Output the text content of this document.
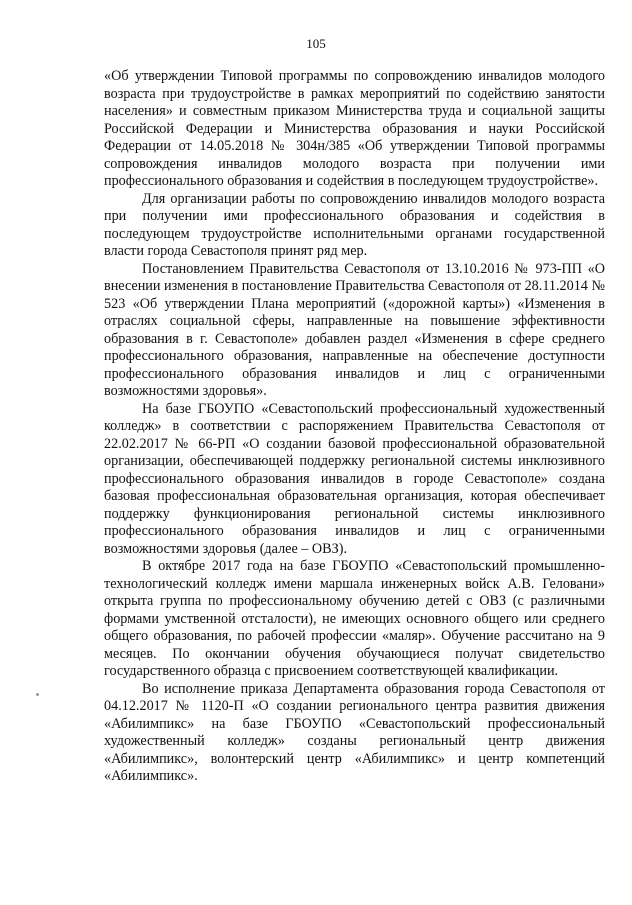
105

«Об утверждении Типовой программы по сопровождению инвалидов молодого возраста при трудоустройстве в рамках мероприятий по содействию занятости населения» и совместным приказом Министерства труда и социальной защиты Российской Федерации и Министерства образования и науки Российской Федерации от 14.05.2018 № 304н/385 «Об утверждении Типовой программы сопровождения инвалидов молодого возраста при получении ими профессионального образования и содействия в последующем трудоустройстве».

Для организации работы по сопровождению инвалидов молодого возраста при получении ими профессионального образования и содействия в последующем трудоустройстве исполнительными органами государственной власти города Севастополя принят ряд мер.

Постановлением Правительства Севастополя от 13.10.2016 № 973-ПП «О внесении изменения в постановление Правительства Севастополя от 28.11.2014 № 523 «Об утверждении Плана мероприятий («дорожной карты») «Изменения в отраслях социальной сферы, направленные на повышение эффективности образования в г. Севастополе» добавлен раздел «Изменения в сфере среднего профессионального образования, направленные на обеспечение доступности профессионального образования инвалидов и лиц с ограниченными возможностями здоровья».

На базе ГБОУПО «Севастопольский профессиональный художественный колледж» в соответствии с распоряжением Правительства Севастополя от 22.02.2017 № 66-РП «О создании базовой профессиональной образовательной организации, обеспечивающей поддержку региональной системы инклюзивного профессионального образования инвалидов в городе Севастополе» создана базовая профессиональная образовательная организация, которая обеспечивает поддержку функционирования региональной системы инклюзивного профессионального образования инвалидов и лиц с ограниченными возможностями здоровья (далее – ОВЗ).

В октябре 2017 года на базе ГБОУПО «Севастопольский промышленно-технологический колледж имени маршала инженерных войск А.В. Геловани» открыта группа по профессиональному обучению детей с ОВЗ (с различными формами умственной отсталости), не имеющих основного общего или среднего общего образования, по рабочей профессии «маляр». Обучение рассчитано на 9 месяцев. По окончании обучения обучающиеся получат свидетельство государственного образца с присвоением соответствующей квалификации.

Во исполнение приказа Департамента образования города Севастополя от 04.12.2017 № 1120-П «О создании регионального центра развития движения «Абилимпикс» на базе ГБОУПО «Севастопольский профессиональный художественный колледж» созданы региональный центр движения «Абилимпикс», волонтерский центр «Абилимпикс» и центр компетенций «Абилимпикс».
